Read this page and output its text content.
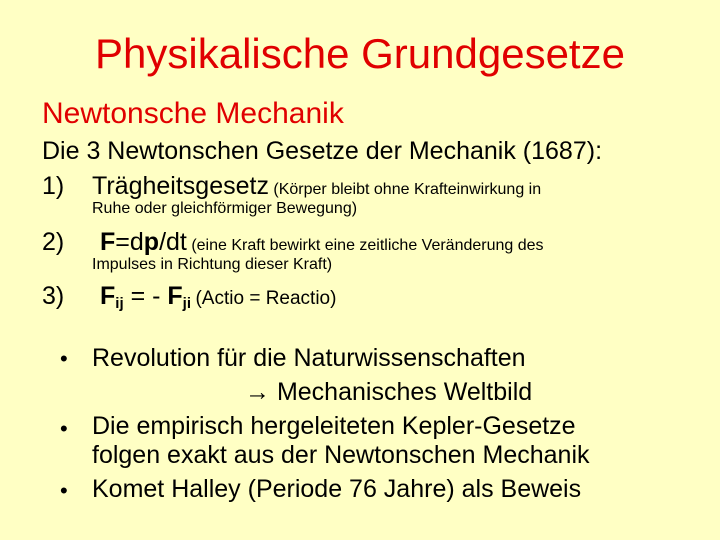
Physikalische Grundgesetze
Newtonsche Mechanik
Die 3 Newtonschen Gesetze der Mechanik (1687):
1) Trägheitsgesetz (Körper bleibt ohne Krafteinwirkung in
Ruhe oder gleichförmiger Bewegung)
2) F=dp/dt (eine Kraft bewirkt eine zeitliche Veränderung des
Impulses in Richtung dieser Kraft)
3) $F_{ij}$ = - $F_{ji}$ (Actio = Reactio)
• Revolution für die Naturwissenschaften
→ Mechanisches Weltbild
• Die empirisch hergeleiteten Kepler-Gesetze
folgen exakt aus der Newtonschen Mechanik
• Komet Halley (Periode 76 Jahre) als Beweis
